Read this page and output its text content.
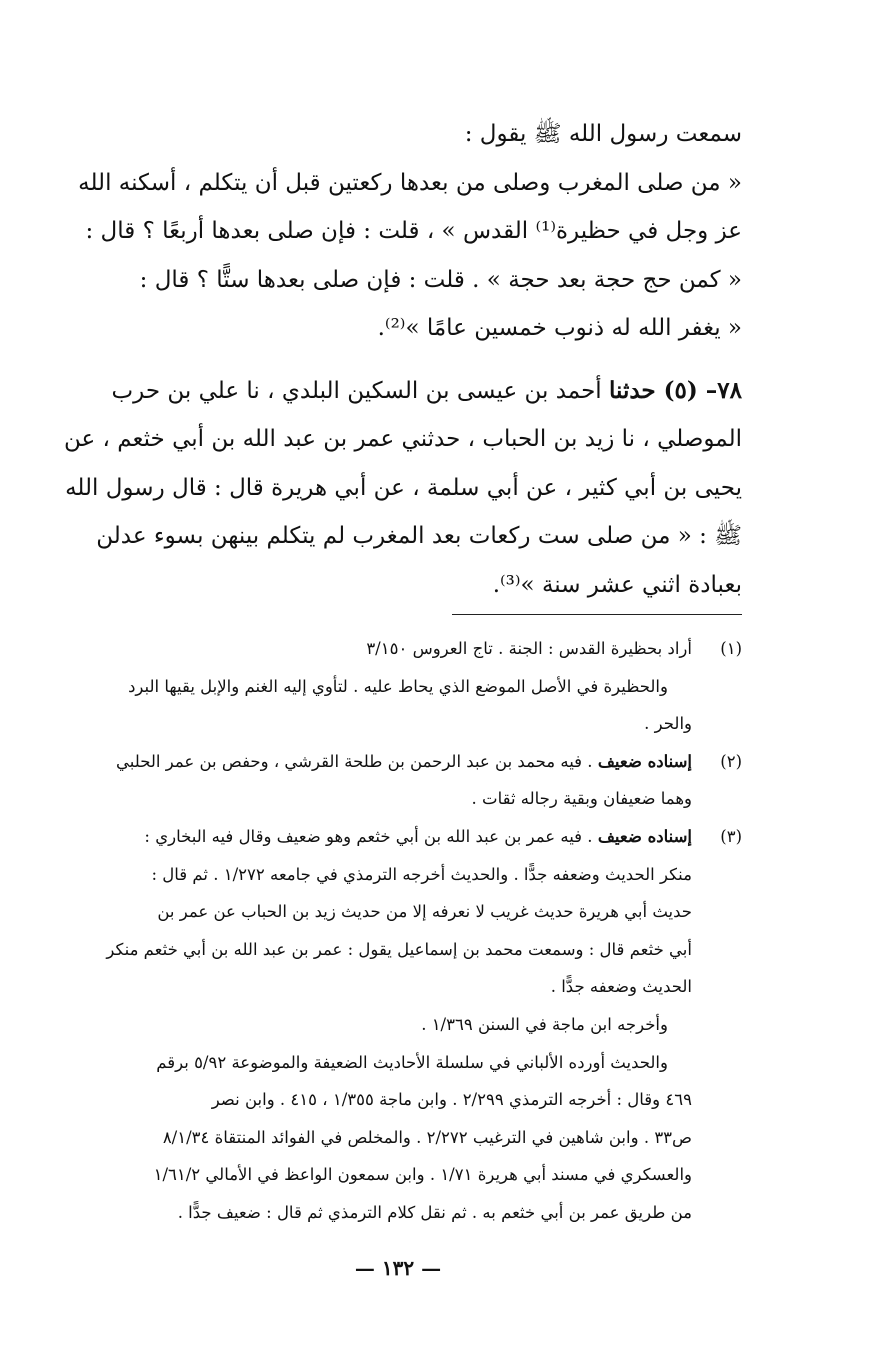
سمعت رسول الله ﷺ يقول :
« من صلى المغرب وصلى من بعدها ركعتين قبل أن يتكلم ، أسكنه الله
عز وجل في حظيرة⁽¹⁾ القدس » ، قلت : فإن صلى بعدها أربعًا ؟ قال :
« كمن حج حجة بعد حجة » . قلت : فإن صلى بعدها ستًّا ؟ قال :
« يغفر الله له ذنوب خمسين عامًا »⁽²⁾.
٧٨– (٥) حدثنا أحمد بن عيسى بن السكين البلدي ، نا علي بن حرب
الموصلي ، نا زيد بن الحباب ، حدثني عمر بن عبد الله بن أبي خثعم ، عن
يحيى بن أبي كثير ، عن أبي سلمة ، عن أبي هريرة قال : قال رسول الله
ﷺ : « من صلى ست ركعات بعد المغرب لم يتكلم بينهن بسوء عدلن
بعبادة اثني عشر سنة »⁽³⁾.
(١)
أراد بحظيرة القدس : الجنة . تاج العروس ٣/١٥٠
والحظيرة في الأصل الموضع الذي يحاط عليه . لتأوي إليه الغنم والإبل يقيها البرد
والحر .
(٢)
إسناده ضعيف . فيه محمد بن عبد الرحمن بن طلحة القرشي ، وحفص بن عمر الحلبي
وهما ضعيفان وبقية رجاله ثقات .
(٣)
إسناده ضعيف . فيه عمر بن عبد الله بن أبي خثعم وهو ضعيف وقال فيه البخاري :
منكر الحديث وضعفه جدًّا . والحديث أخرجه الترمذي في جامعه ١/٢٧٢ . ثم قال :
حديث أبي هريرة حديث غريب لا نعرفه إلا من حديث زيد بن الحباب عن عمر بن
أبي خثعم قال : وسمعت محمد بن إسماعيل يقول : عمر بن عبد الله بن أبي خثعم منكر
الحديث وضعفه جدًّا .
وأخرجه ابن ماجة في السنن ١/٣٦٩ .
والحديث أورده الألباني في سلسلة الأحاديث الضعيفة والموضوعة ٥/٩٢ برقم
٤٦٩ وقال : أخرجه الترمذي ٢/٢٩٩ . وابن ماجة ١/٣٥٥ ، ٤١٥ . وابن نصر
ص٣٣ . وابن شاهين في الترغيب ٢/٢٧٢ . والمخلص في الفوائد المنتقاة ٨/١/٣٤
والعسكري في مسند أبي هريرة ١/٧١ . وابن سمعون الواعظ في الأمالي ١/٦١/٢
من طريق عمر بن أبي خثعم به . ثم نقل كلام الترمذي ثم قال : ضعيف جدًّا .
— ١٣٢ —
